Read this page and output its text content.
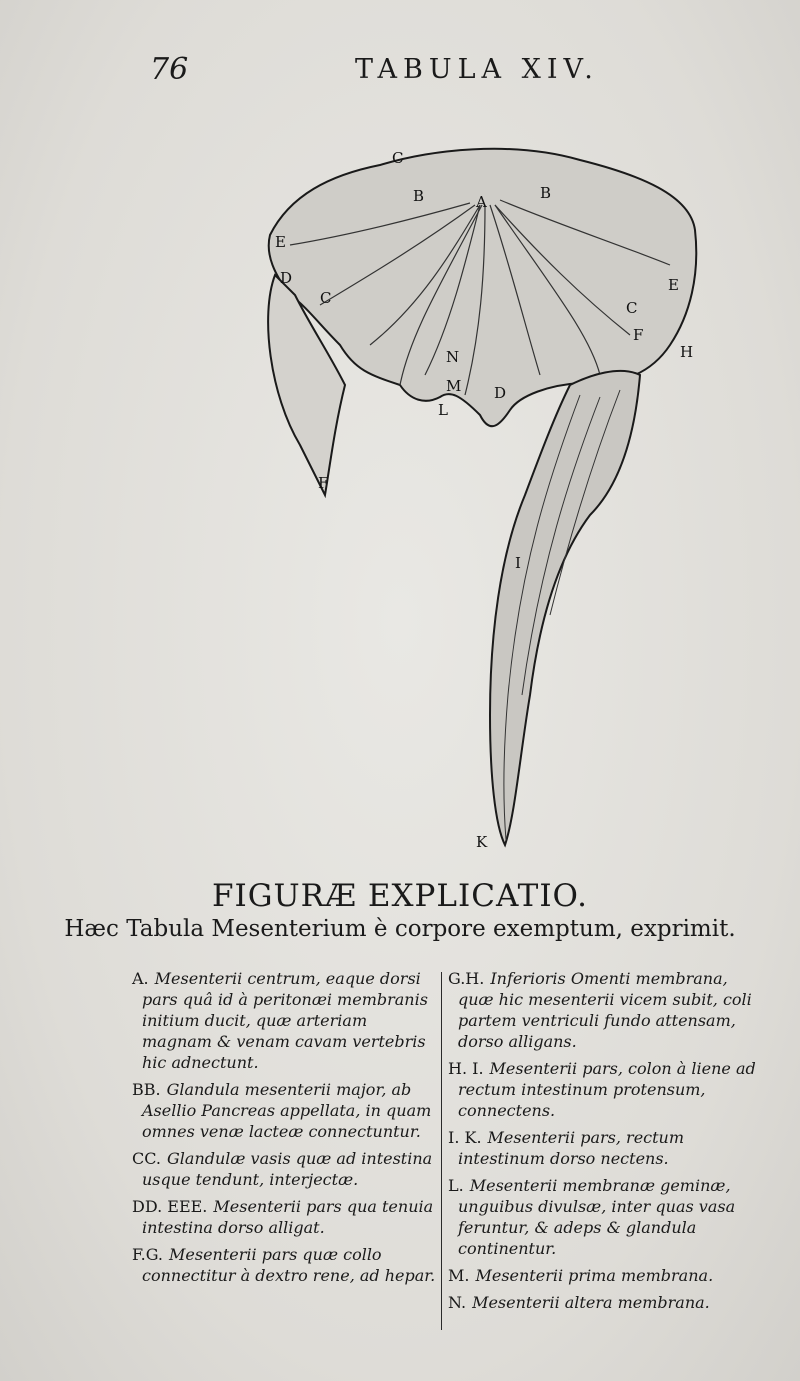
76	TABULA XIV.
A
B	B
C
C
C
D
D
E
E
F
F
H
I
K
L
M
N
FIGURÆ EXPLICATIO.
Hæc Tabula Mesenterium è corpore exemptum, exprimit.

A. Mesenterii centrum, eaque dorsi pars quâ id à peritonæi membranis initium ducit, quæ arteriam magnam & venam cavam vertebris hic adnectunt.

BB. Glandula mesenterii major, ab Asellio Pancreas appellata, in quam omnes venæ lacteæ connectuntur.

CC. Glandulæ vasis quæ ad intestina usque tendunt, interjectæ.

DD. EEE. Mesenterii pars qua tenuia intestina dorso alligat.

F.G. Mesenterii pars quæ collo connectitur à dextro rene, ad hepar.

G.H. Inferioris Omenti membrana, quæ hic mesenterii vicem subit, coli partem ventriculi fundo attensam, dorso alligans.

H. I. Mesenterii pars, colon à liene ad rectum intestinum protensum, connectens.

I. K. Mesenterii pars, rectum intestinum dorso nectens.

L. Mesenterii membranæ geminæ, unguibus divulsæ, inter quas vasa feruntur, & adeps & glandula continentur.

M. Mesenterii prima membrana.

N. Mesenterii altera membrana.
